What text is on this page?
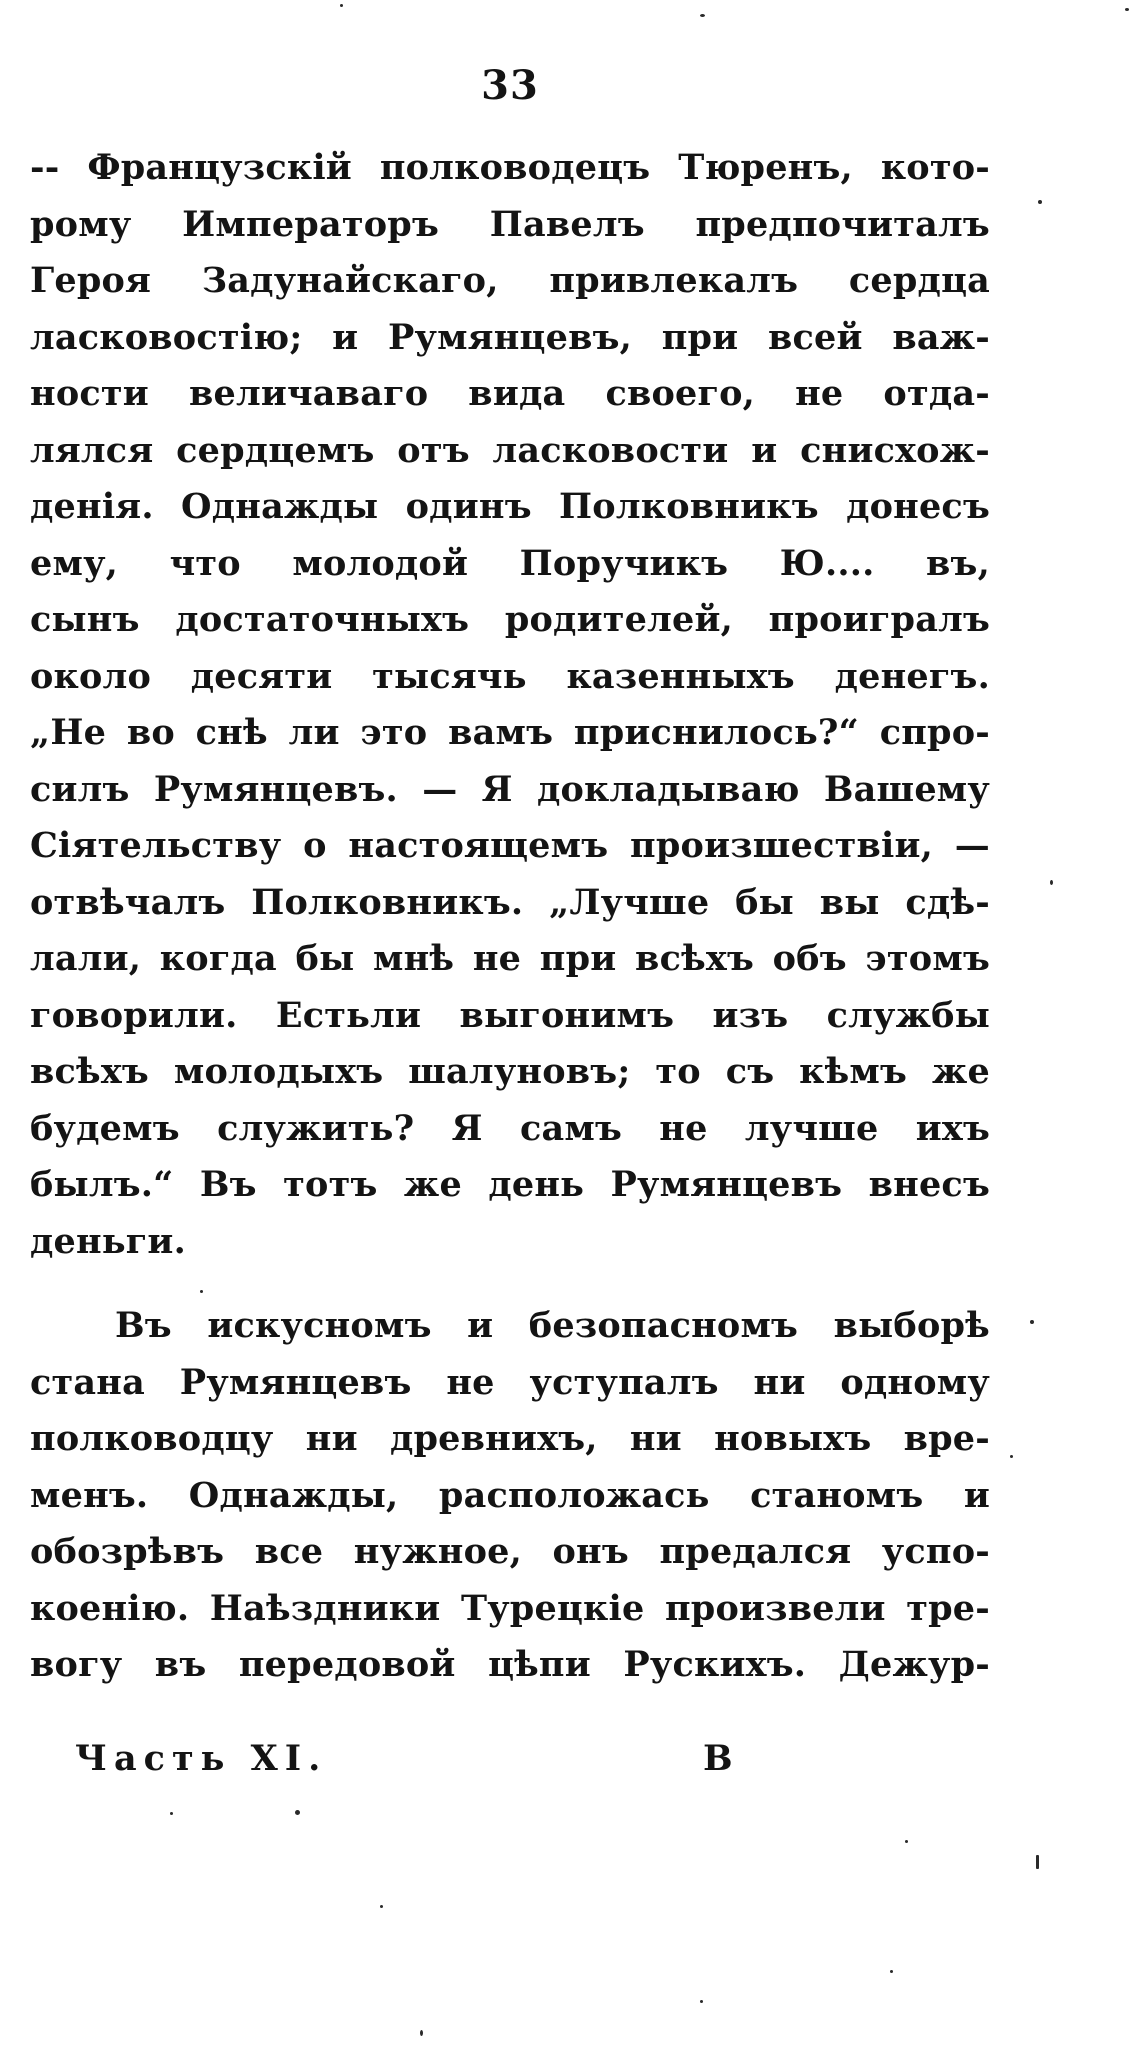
33
-- Французскій полководецъ Тюренъ, кото-
рому Императоръ Павелъ предпочиталъ
Героя Задунайскаго, привлекалъ сердца
ласковостію; и Румянцевъ, при всей важ-
ности величаваго вида своего, не отда-
лялся сердцемъ отъ ласковости и снисхож-
денія. Однажды одинъ Полковникъ донесъ
ему, что молодой Поручикъ Ю.... въ,
сынъ достаточныхъ родителей, проигралъ
около десяти тысячь казенныхъ денегъ.
„Не во снѣ ли это вамъ приснилось?“ спро-
силъ Румянцевъ. — Я докладываю Вашему
Сіятельству о настоящемъ произшествіи, —
отвѣчалъ Полковникъ. „Лучше бы вы сдѣ-
лали, когда бы мнѣ не при всѣхъ объ этомъ
говорили. Естьли выгонимъ изъ службы
всѣхъ молодыхъ шалуновъ; то съ кѣмъ же
будемъ служить? Я самъ не лучше ихъ
былъ.“ Въ тотъ же день Румянцевъ внесъ
деньги.
Въ искусномъ и безопасномъ выборѣ
стана Румянцевъ не уступалъ ни одному
полководцу ни древнихъ, ни новыхъ вре-
менъ. Однажды, расположась станомъ и
обозрѣвъ все нужное, онъ предался успо-
коенію. Наѣздники Турецкіе произвели тре-
вогу въ передовой цѣпи Рускихъ. Дежур-
Часть XI.	В
